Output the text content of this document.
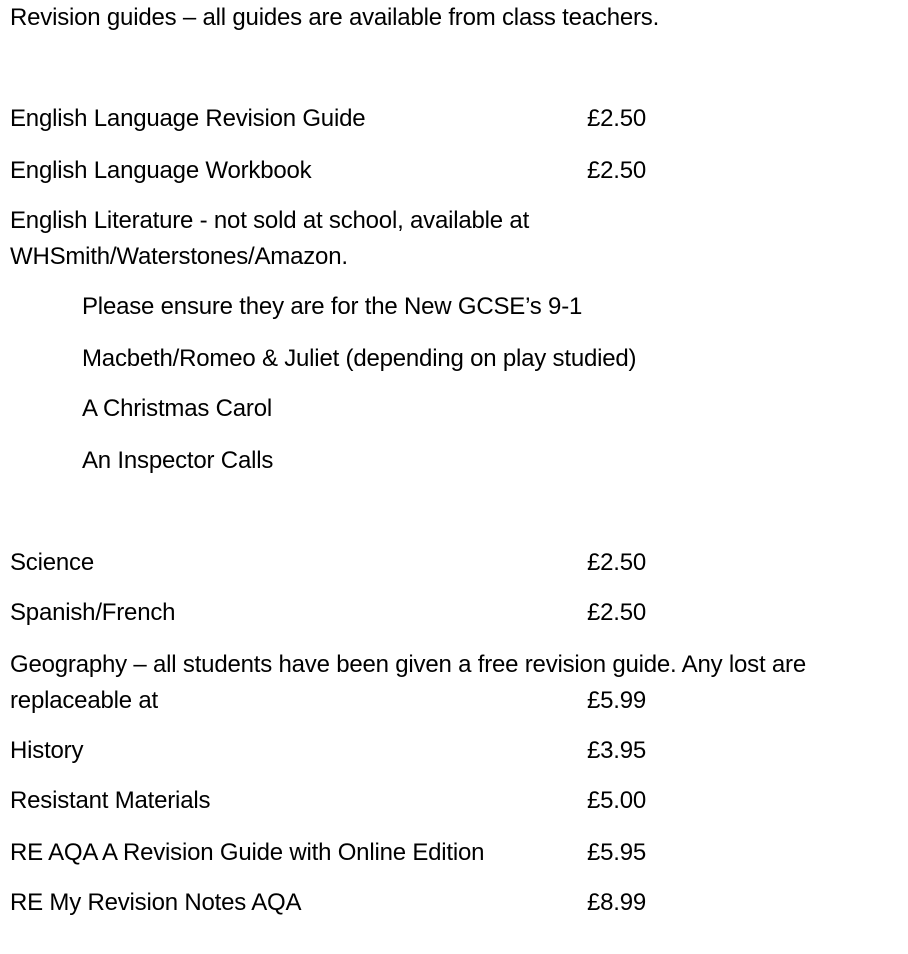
Revision guides – all guides are available from class teachers.
English Language Revision Guide	£2.50
English Language Workbook	£2.50
English Literature - not sold at school, available at
WHSmith/Waterstones/Amazon.
Please ensure they are for the New GCSE’s 9-1
Macbeth/Romeo & Juliet (depending on play studied)
A Christmas Carol
An Inspector Calls
Science	£2.50
Spanish/French	£2.50
Geography – all students have been given a free revision guide. Any lost are
replaceable at	£5.99
History	£3.95
Resistant Materials	£5.00
RE AQA A Revision Guide with Online Edition	£5.95
RE My Revision Notes AQA	£8.99
